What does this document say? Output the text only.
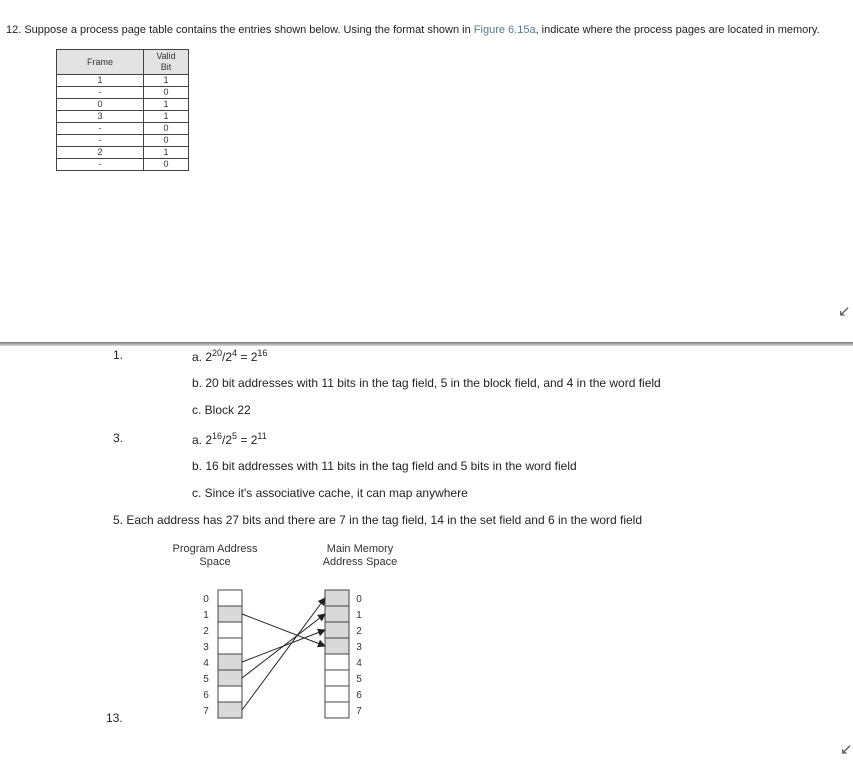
12. Suppose a process page table contains the entries shown below. Using the format shown in Figure 6.15a, indicate where the process pages are located in memory.
Frame	Valid
Bit
1	1
-	0
0	1
3	1
-	0
-	0
2	1
-	0
↙
1.	a. $2^{20}/2^4 = 2^{16}$
b. 20 bit addresses with 11 bits in the tag field, 5 in the block field, and 4 in the word field
c. Block 22
3.	a. $2^{16}/2^5 = 2^{11}$
b. 16 bit addresses with 11 bits in the tag field and 5 bits in the word field
c. Since it's associative cache, it can map anywhere
5. Each address has 27 bits and there are 7 in the tag field, 14 in the set field and 6 in the word field
13.
Program Address
Space
Main Memory
Address Space
0
1
2
3
4
5
6
7
0
1
2
3
4
5
6
7
↙
